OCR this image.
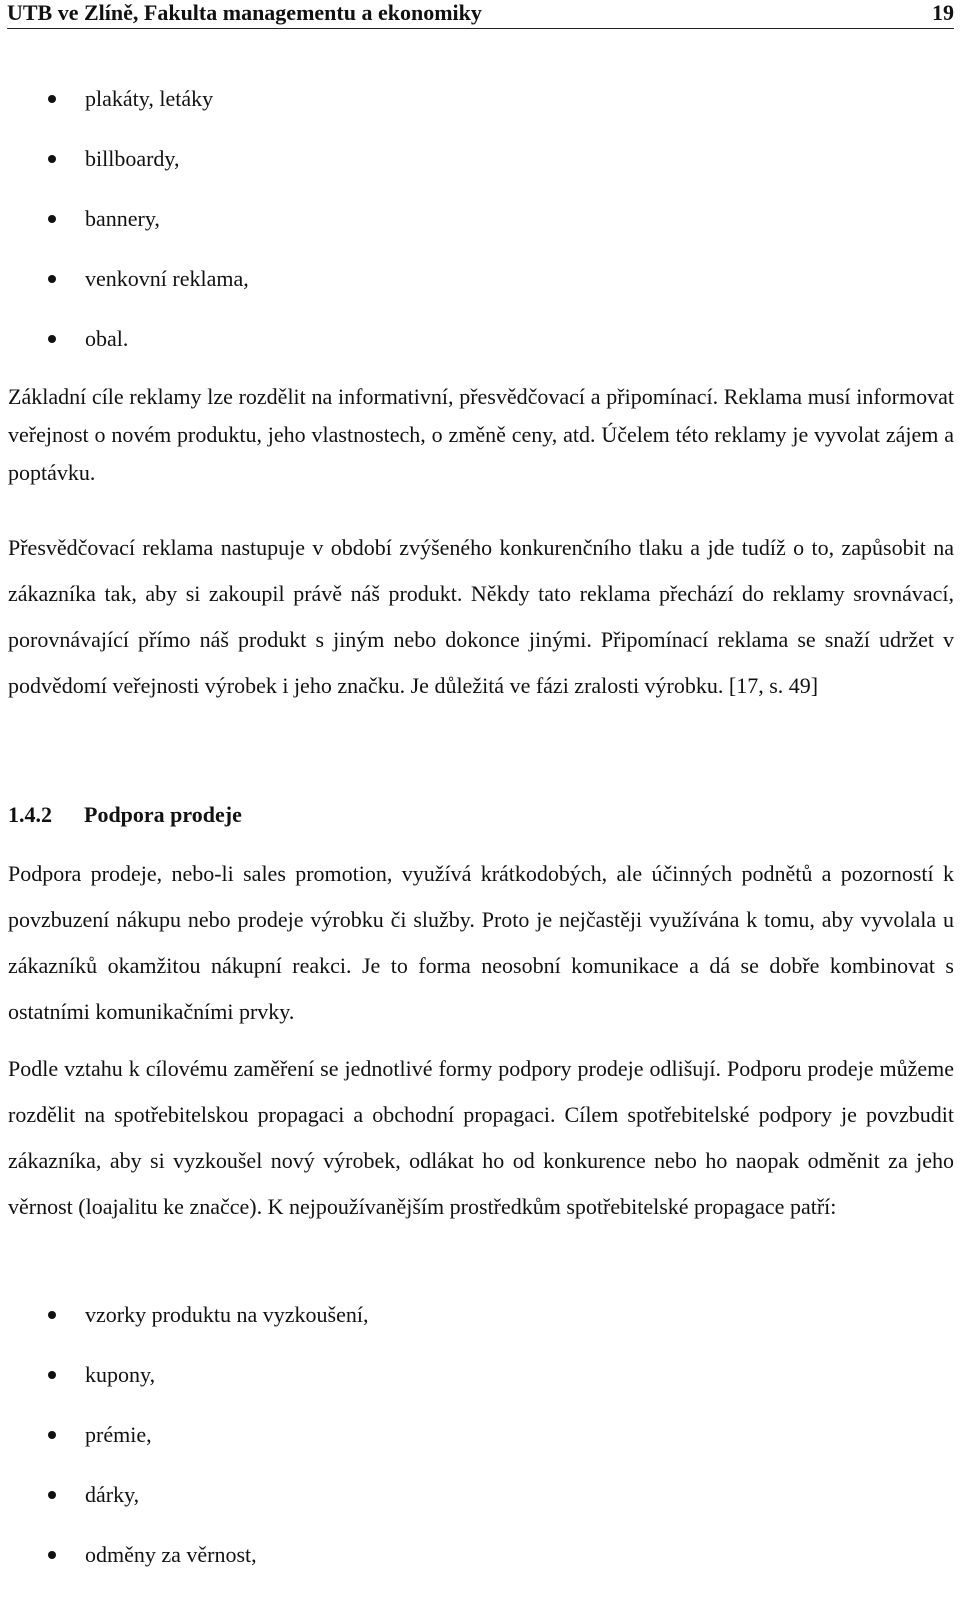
UTB ve Zlíně, Fakulta managementu a ekonomiky	19
plakáty, letáky
billboardy,
bannery,
venkovní reklama,
obal.

Základní cíle reklamy lze rozdělit na informativní, přesvědčovací a připomínací. Reklama musí informovat veřejnost o novém produktu, jeho vlastnostech, o změně ceny, atd. Účelem této reklamy je vyvolat zájem a poptávku.

Přesvědčovací reklama nastupuje v období zvýšeného konkurenčního tlaku a jde tudíž o to, zapůsobit na zákazníka tak, aby si zakoupil právě náš produkt. Někdy tato reklama přechází do reklamy srovnávací, porovnávající přímo náš produkt s jiným nebo dokonce jinými. Připomínací reklama se snaží udržet v podvědomí veřejnosti výrobek i jeho značku. Je důležitá ve fázi zralosti výrobku. [17, s. 49]

1.4.2 Podpora prodeje

Podpora prodeje, nebo-li sales promotion, využívá krátkodobých, ale účinných podnětů a pozorností k povzbuzení nákupu nebo prodeje výrobku či služby. Proto je nejčastěji využívána k tomu, aby vyvolala u zákazníků okamžitou nákupní reakci. Je to forma neosobní komunikace a dá se dobře kombinovat s ostatními komunikačními prvky.

Podle vztahu k cílovému zaměření se jednotlivé formy podpory prodeje odlišují. Podporu prodeje můžeme rozdělit na spotřebitelskou propagaci a obchodní propagaci. Cílem spotřebitelské podpory je povzbudit zákazníka, aby si vyzkoušel nový výrobek, odlákat ho od konkurence nebo ho naopak odměnit za jeho věrnost (loajalitu ke značce). K nejpoužívanějším prostředkům spotřebitelské propagace patří:

vzorky produktu na vyzkoušení,
kupony,
prémie,
dárky,
odměny za věrnost,
